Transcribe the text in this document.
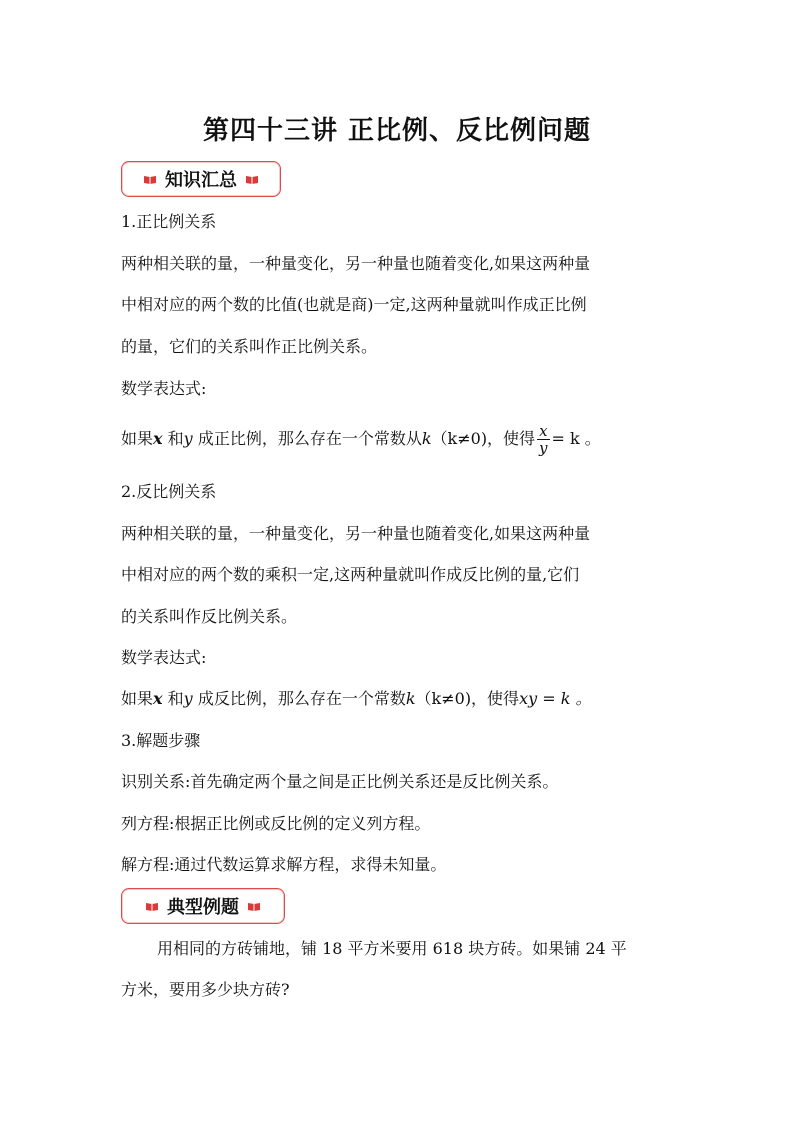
第四十三讲 正比例、反比例问题
知识汇总
1.正比例关系
两种相关联的量，一种量变化，另一种量也随着变化,如果这两种量
中相对应的两个数的比值(也就是商)一定,这两种量就叫作成正比例
的量，它们的关系叫作正比例关系。
数学表达式:
如果x 和y 成正比例，那么存在一个常数从k（k≠0)，使得 $\frac{x}{y} = k$ 。
2.反比例关系
两种相关联的量，一种量变化，另一种量也随着变化,如果这两种量
中相对应的两个数的乘积一定,这两种量就叫作成反比例的量,它们
的关系叫作反比例关系。
数学表达式:
如果x 和y 成反比例，那么存在一个常数k（k≠0)，使得xy = k 。
3.解题步骤
识别关系:首先确定两个量之间是正比例关系还是反比例关系。
列方程:根据正比例或反比例的定义列方程。
解方程:通过代数运算求解方程，求得未知量。
典型例题
用相同的方砖铺地，铺 18 平方米要用 618 块方砖。如果铺 24 平
方米，要用多少块方砖?
